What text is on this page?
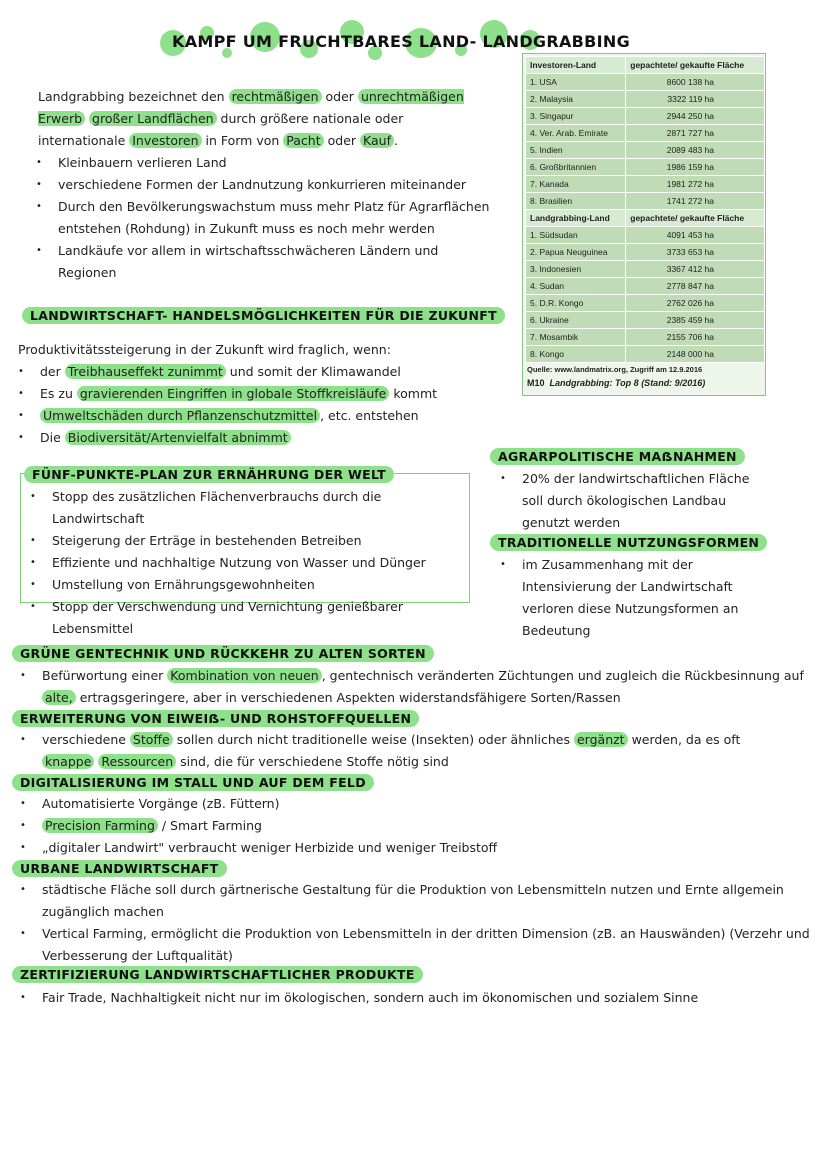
KAMPF UM FRUCHTBARES LAND- LANDGRABBING
Landgrabbing bezeichnet den rechtmäßigen oder unrechtmäßigen Erwerb großer Landflächen durch größere nationale oder internationale Investoren in Form von Pacht oder Kauf .
• Kleinbauern verlieren Land
• verschiedene Formen der Landnutzung konkurrieren miteinander
• Durch den Bevölkerungswachstum muss mehr Platz für Agrarflächen entstehen (Rohdung) in Zukunft muss es noch mehr werden
• Landkäufe vor allem in wirtschaftsschwächeren Ländern und Regionen
Investoren-Land	gepachtete/ gekaufte Fläche
1. USA	8600 138 ha
2. Malaysia	3322 119 ha
3. Singapur	2944 250 ha
4. Ver. Arab. Emirate	2871 727 ha
5. Indien	2089 483 ha
6. Großbritannien	1986 159 ha
7. Kanada	1981 272 ha
8. Brasilien	1741 272 ha
Landgrabbing-Land	gepachtete/ gekaufte Fläche
1. Südsudan	4091 453 ha
2. Papua Neuguinea	3733 653 ha
3. Indonesien	3367 412 ha
4. Sudan	2778 847 ha
5. D.R. Kongo	2762 026 ha
6. Ukraine	2385 459 ha
7. Mosambik	2155 706 ha
8. Kongo	2148 000 ha
Quelle: www.landmatrix.org, Zugriff am 12.9.2016
M10 Landgrabbing: Top 8 (Stand: 9/2016)
LANDWIRTSCHAFT- HANDELSMÖGLICHKEITEN FÜR DIE ZUKUNFT
Produktivitätssteigerung in der Zukunft wird fraglich, wenn:
• der Treibhauseffekt zunimmt und somit der Klimawandel
• Es zu gravierenden Eingriffen in globale Stoffkreisläufe kommt
• Umweltschäden durch Pflanzenschutzmittel , etc. entstehen
• Die Biodiversität/Artenvielfalt abnimmt
FÜNF-PUNKTE-PLAN ZUR ERNÄHRUNG DER WELT
• Stopp des zusätzlichen Flächenverbrauchs durch die Landwirtschaft
• Steigerung der Erträge in bestehenden Betreiben
• Effiziente und nachhaltige Nutzung von Wasser und Dünger
• Umstellung von Ernährungsgewohnheiten
• Stopp der Verschwendung und Vernichtung genießbarer Lebensmittel
AGRARPOLITISCHE MAẞNAHMEN
• 20% der landwirtschaftlichen Fläche soll durch ökologischen Landbau genutzt werden
TRADITIONELLE NUTZUNGSFORMEN
• im Zusammenhang mit der Intensivierung der Landwirtschaft verloren diese Nutzungsformen an Bedeutung
GRÜNE GENTECHNIK UND RÜCKKEHR ZU ALTEN SORTEN
• Befürwortung einer Kombination von neuen , gentechnisch veränderten Züchtungen und zugleich die Rückbesinnung auf alte, ertragsgeringere, aber in verschiedenen Aspekten widerstandsfähigere Sorten/Rassen
ERWEITERUNG VON EIWEIẞ- UND ROHSTOFFQUELLEN
• verschiedene Stoffe sollen durch nicht traditionelle weise (Insekten) oder ähnliches ergänzt werden, da es oft knappe Ressourcen sind, die für verschiedene Stoffe nötig sind
DIGITALISIERUNG IM STALL UND AUF DEM FELD
• Automatisierte Vorgänge (zB. Füttern)
• Precision Farming / Smart Farming
• „digitaler Landwirt" verbraucht weniger Herbizide und weniger Treibstoff
URBANE LANDWIRTSCHAFT
• städtische Fläche soll durch gärtnerische Gestaltung für die Produktion von Lebensmitteln nutzen und Ernte allgemein zugänglich machen
• Vertical Farming, ermöglicht die Produktion von Lebensmitteln in der dritten Dimension (zB. an Hauswänden) (Verzehr und Verbesserung der Luftqualität)
ZERTIFIZIERUNG LANDWIRTSCHAFTLICHER PRODUKTE
• Fair Trade, Nachhaltigkeit nicht nur im ökologischen, sondern auch im ökonomischen und sozialem Sinne
